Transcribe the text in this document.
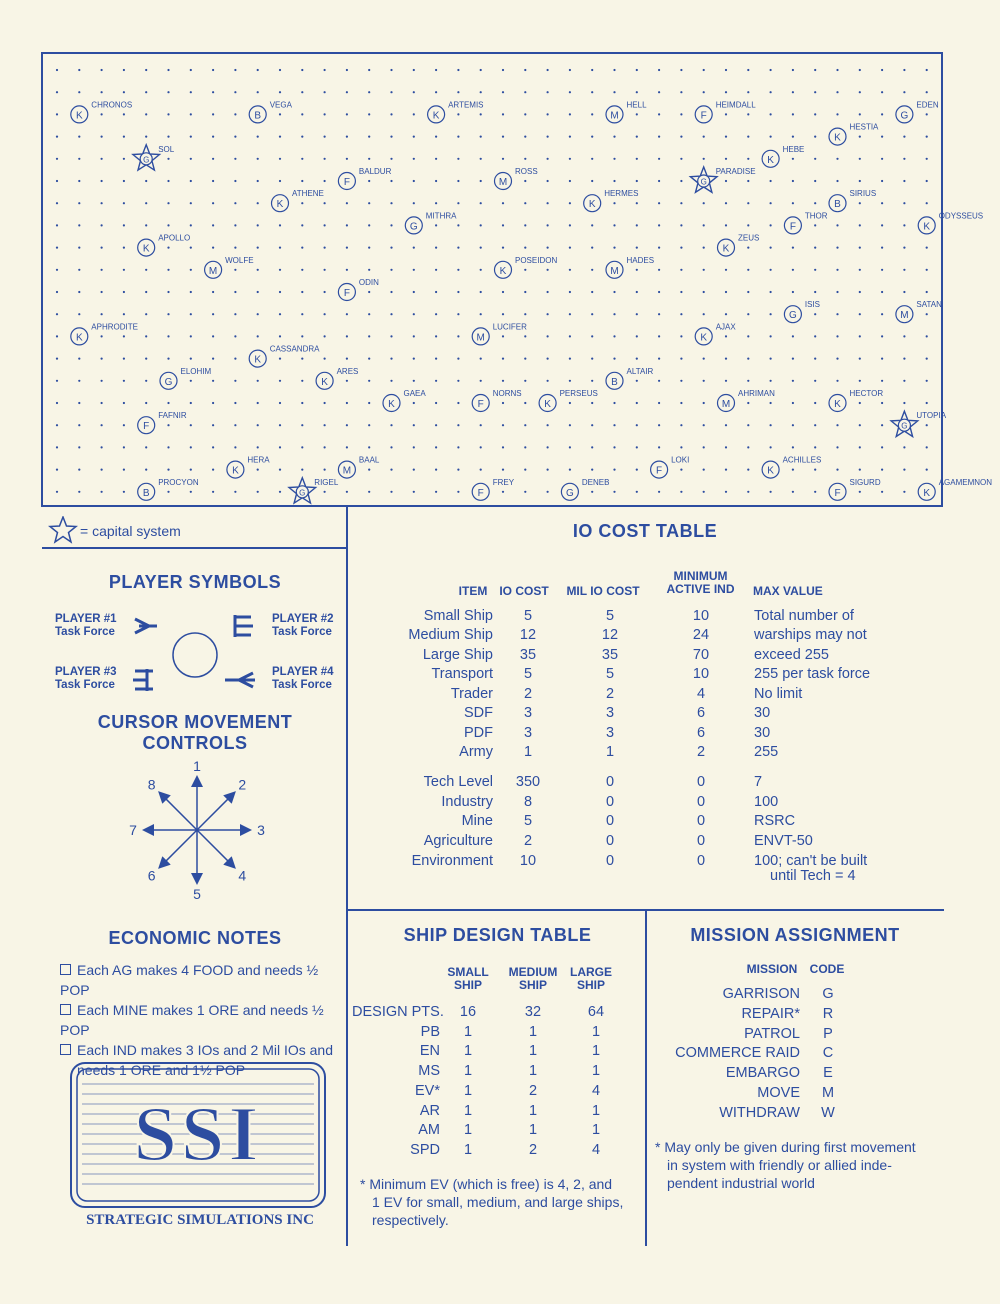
K
CHRONOS
B
VEGA
K
ARTEMIS
M
HELL
F
HEIMDALL
G
EDEN
K
HESTIA
K
HEBE
G
SOL
F
BALDUR
M
ROSS
G
PARADISE
K
ATHENE
K
HERMES
B
SIRIUS
G
MITHRA
K
ODYSSEUS
F
THOR
K
APOLLO
K
ZEUS
M
WOLFE
K
POSEIDON
M
HADES
F
ODIN
G
ISIS
M
SATAN
K
APHRODITE
M
LUCIFER
K
AJAX
K
CASSANDRA
G
ELOHIM
K
ARES
B
ALTAIR
K
GAEA
F
NORNS
K
PERSEUS
M
AHRIMAN
K
HECTOR
F
FAFNIR
G
UTOPIA
K
HERA
M
BAAL
F
LOKI
K
ACHILLES
B
PROCYON
G
RIGEL
F
FREY
G
DENEB
F
SIGURD
K
AGAMEMNON
= capital system
PLAYER SYMBOLS
PLAYER #1
Task Force
PLAYER #2
Task Force
PLAYER #3
Task Force
PLAYER #4
Task Force
CURSOR MOVEMENT
CONTROLS
1
2
3
4
5
6
7
8
ECONOMIC NOTES
Each AG makes 4 FOOD and needs ½ POP
Each MINE makes 1 ORE and needs ½ POP
Each IND makes 3 IOs and 2 Mil IOs and
needs 1 ORE and 1½ POP
SSI
STRATEGIC SIMULATIONS INC
IO COST TABLE
ITEM	IO COST	MIL IO COST
MINIMUM
ACTIVE IND	MAX VALUE
Small Ship	5	5	10	Total number of
Medium Ship	12	12	24	warships may not
Large Ship	35	35	70	exceed 255
Transport	5	5	10	255 per task force
Trader	2	2	4	No limit
SDF	3	3	6	30
PDF	3	3	6	30
Army	1	1	2	255
Tech Level	350	0	0	7
Industry	8	0	0	100
Mine	5	0	0	RSRC
Agriculture	2	0	0	ENVT-50
Environment	10	0	0	100; can't be built
until Tech = 4
SHIP DESIGN TABLE
SMALL
SHIP
MEDIUM
SHIP
LARGE
SHIP
DESIGN PTS.	16	32	64
PB	1	1	1
EN	1	1	1
MS	1	1	1
EV*	1	2	4
AR	1	1	1
AM	1	1	1
SPD	1	2	4
* Minimum EV (which is free) is 4, 2, and
1 EV for small, medium, and large ships,
respectively.
MISSION ASSIGNMENT
MISSION	CODE
GARRISON	G
REPAIR*	R
PATROL	P
COMMERCE RAID	C
EMBARGO	E
MOVE	M
WITHDRAW W
* May only be given during first movement
in system with friendly or allied inde-
pendent industrial world
